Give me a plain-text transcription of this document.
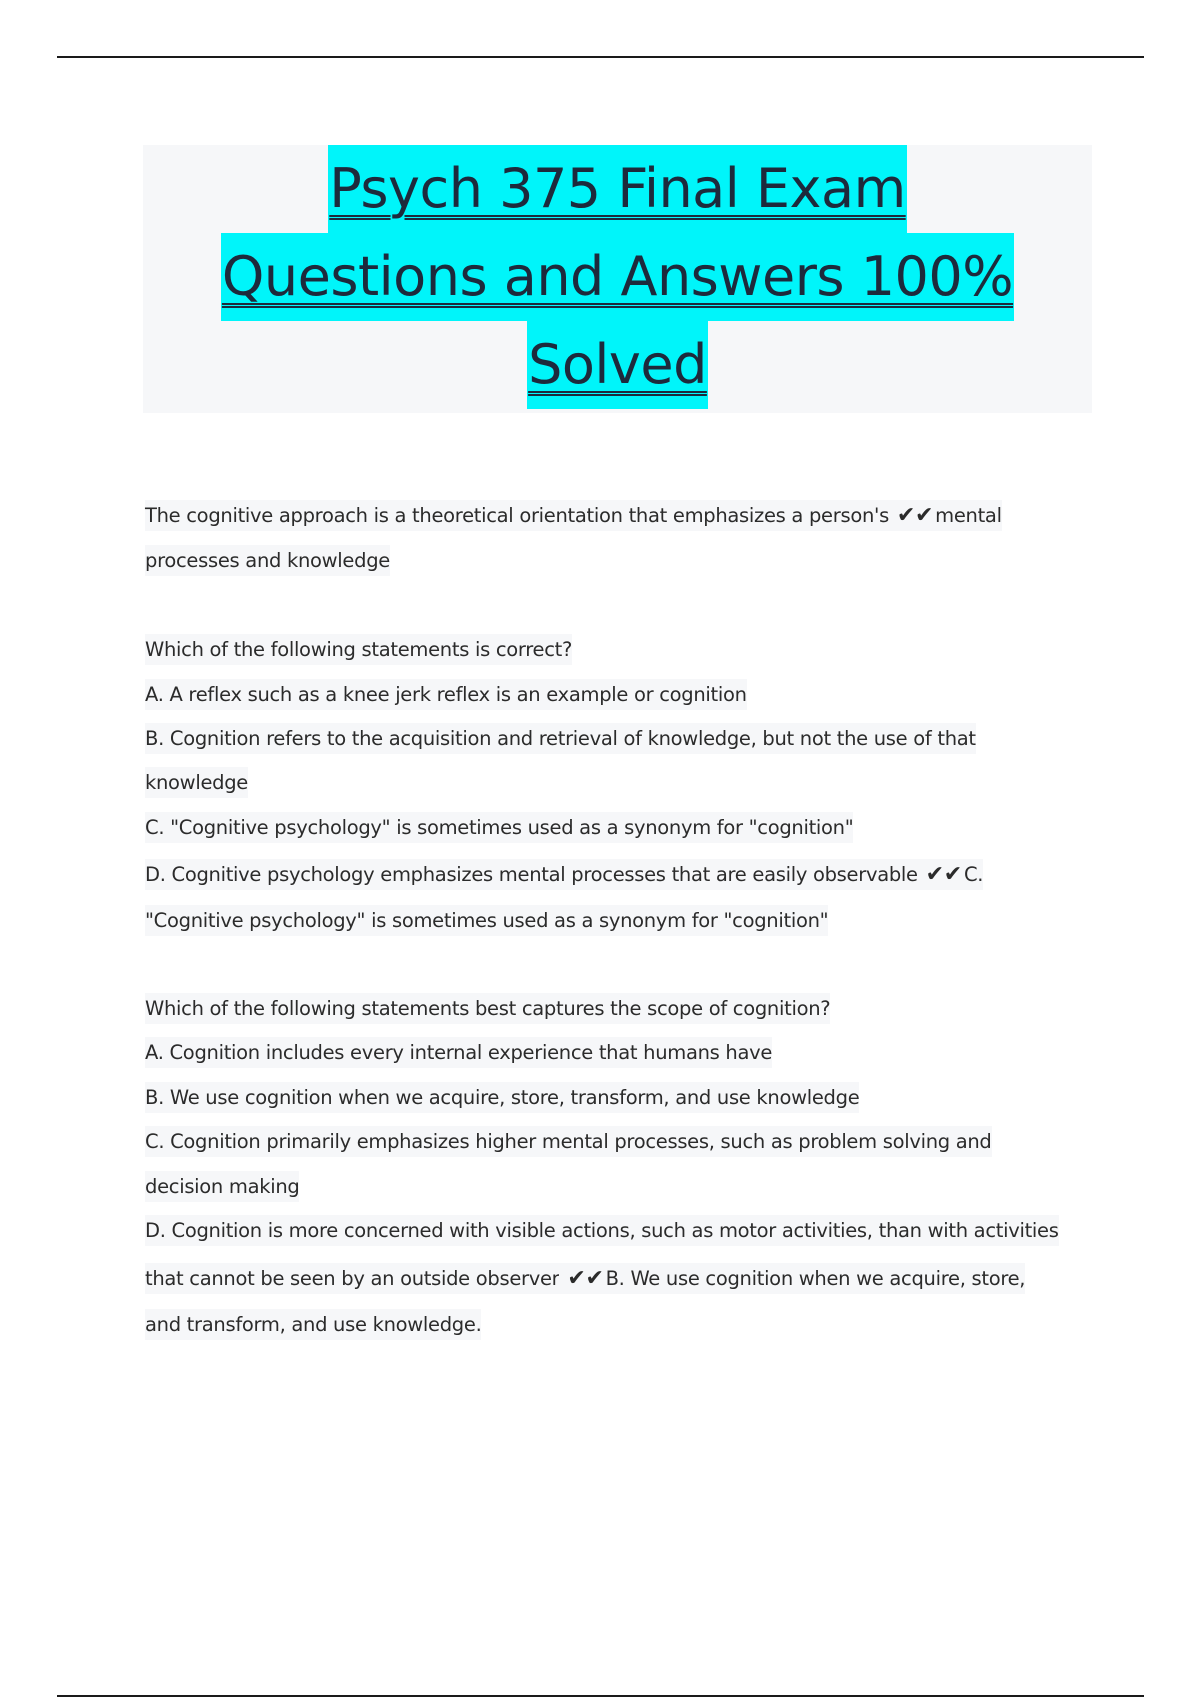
Psych 375 Final Exam
Questions and Answers 100%
Solved
The cognitive approach is a theoretical orientation that emphasizes a person's ✔✔ mental
processes and knowledge
Which of the following statements is correct?
A. A reflex such as a knee jerk reflex is an example or cognition
B. Cognition refers to the acquisition and retrieval of knowledge, but not the use of that
knowledge
C. "Cognitive psychology" is sometimes used as a synonym for "cognition"
D. Cognitive psychology emphasizes mental processes that are easily observable ✔✔ C.
"Cognitive psychology" is sometimes used as a synonym for "cognition"
Which of the following statements best captures the scope of cognition?
A. Cognition includes every internal experience that humans have
B. We use cognition when we acquire, store, transform, and use knowledge
C. Cognition primarily emphasizes higher mental processes, such as problem solving and
decision making
D. Cognition is more concerned with visible actions, such as motor activities, than with activities
that cannot be seen by an outside observer ✔✔ B. We use cognition when we acquire, store,
and transform, and use knowledge.
